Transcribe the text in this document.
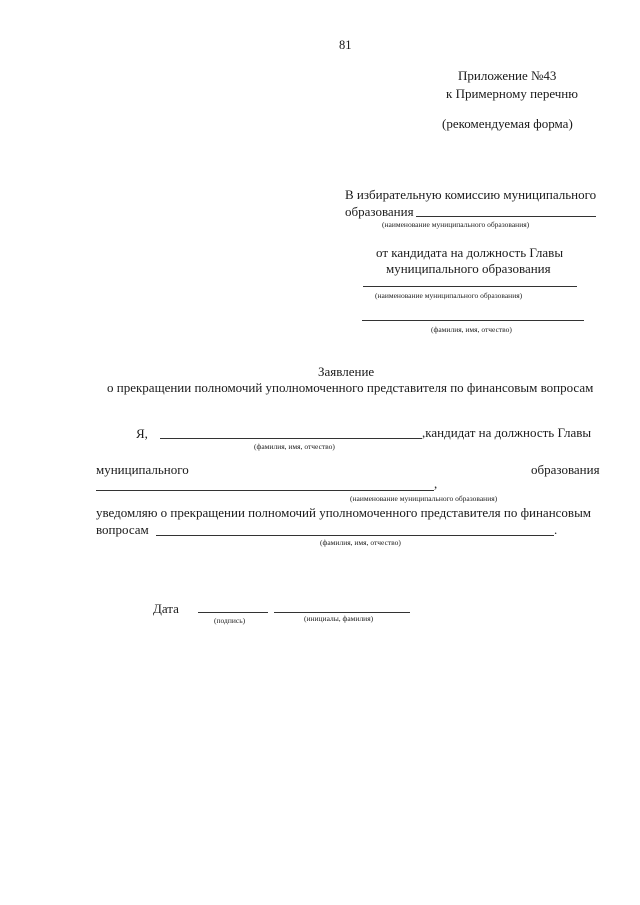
81
Приложение №43
к Примерному перечню
(рекомендуемая форма)
В избирательную комиссию муниципального
образования
(наименование муниципального образования)
от кандидата на должность Главы
муниципального образования
(наименование муниципального образования)
(фамилия, имя, отчество)
Заявление
о прекращении полномочий уполномоченного представителя по финансовым вопросам
Я,	,кандидат на должность Главы
(фамилия, имя, отчество)
муниципального	образования
,
(наименование муниципального образования)
уведомляю о прекращении полномочий уполномоченного представителя по финансовым
вопросам	.
(фамилия, имя, отчество)
Дата
(подпись)	(инициалы, фамилия)
